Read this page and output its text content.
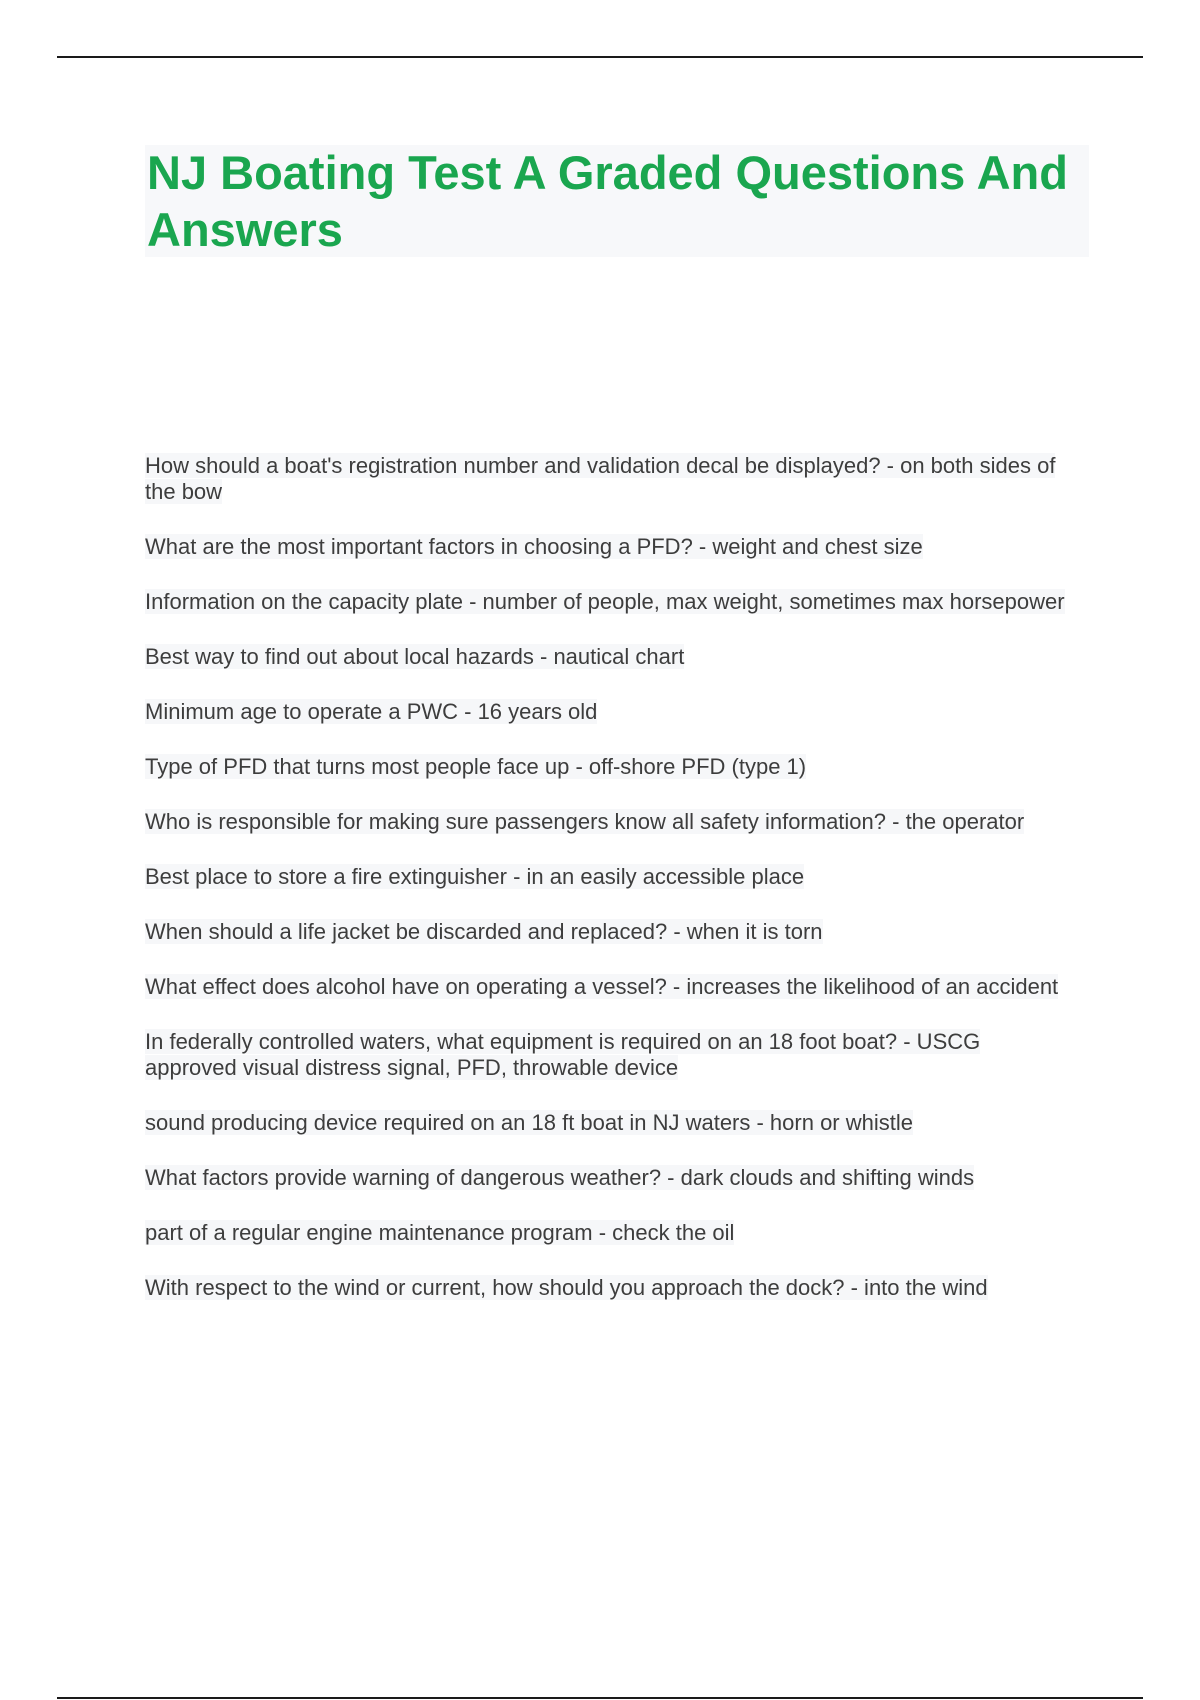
NJ Boating Test A Graded Questions And Answers
How should a boat's registration number and validation decal be displayed? - on both sides of the bow
What are the most important factors in choosing a PFD? - weight and chest size
Information on the capacity plate - number of people, max weight, sometimes max horsepower
Best way to find out about local hazards - nautical chart
Minimum age to operate a PWC - 16 years old
Type of PFD that turns most people face up - off-shore PFD (type 1)
Who is responsible for making sure passengers know all safety information? - the operator
Best place to store a fire extinguisher - in an easily accessible place
When should a life jacket be discarded and replaced? - when it is torn
What effect does alcohol have on operating a vessel? - increases the likelihood of an accident
In federally controlled waters, what equipment is required on an 18 foot boat? - USCG approved visual distress signal, PFD, throwable device
sound producing device required on an 18 ft boat in NJ waters - horn or whistle
What factors provide warning of dangerous weather? - dark clouds and shifting winds
part of a regular engine maintenance program - check the oil
With respect to the wind or current, how should you approach the dock? - into the wind
